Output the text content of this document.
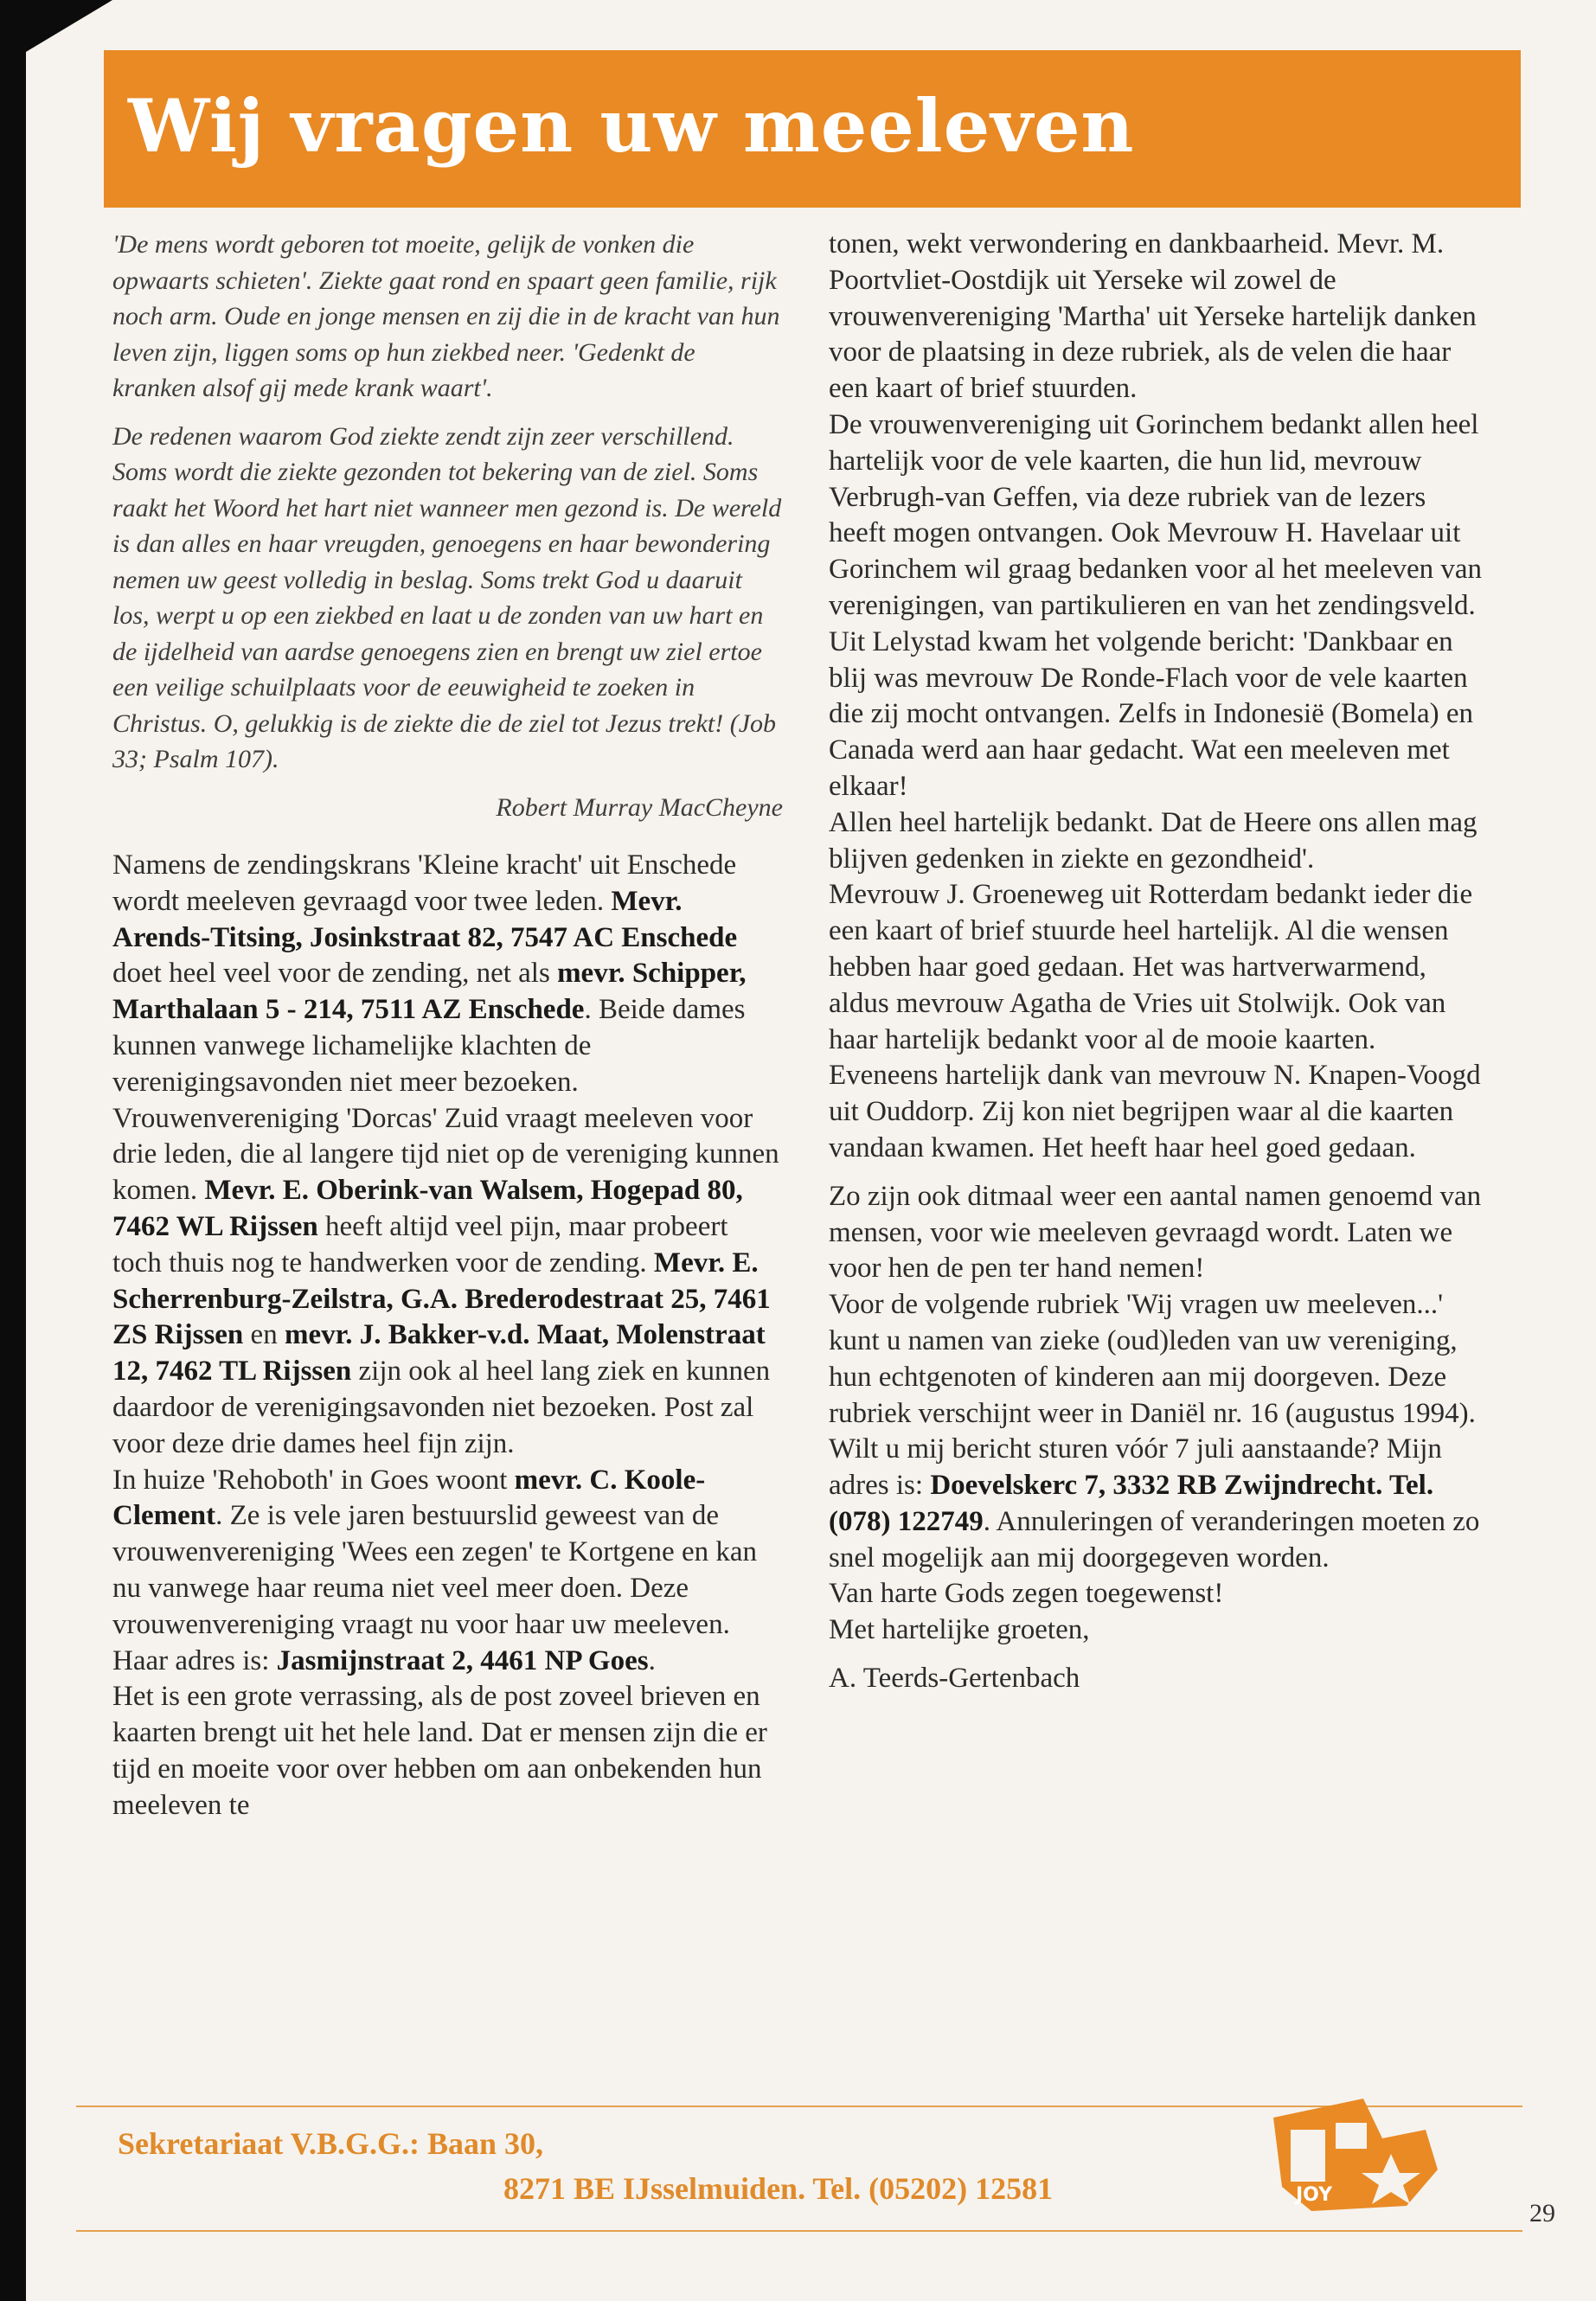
Wij vragen uw meeleven

'De mens wordt geboren tot moeite, gelijk de vonken die opwaarts schieten'. Ziekte gaat rond en spaart geen familie, rijk noch arm. Oude en jonge mensen en zij die in de kracht van hun leven zijn, liggen soms op hun ziekbed neer. 'Gedenkt de kranken alsof gij mede krank waart'.

De redenen waarom God ziekte zendt zijn zeer verschillend. Soms wordt die ziekte gezonden tot bekering van de ziel. Soms raakt het Woord het hart niet wanneer men gezond is. De wereld is dan alles en haar vreugden, genoegens en haar bewondering nemen uw geest volledig in beslag. Soms trekt God u daaruit los, werpt u op een ziekbed en laat u de zonden van uw hart en de ijdelheid van aardse genoegens zien en brengt uw ziel ertoe een veilige schuilplaats voor de eeuwigheid te zoeken in Christus. O, gelukkig is de ziekte die de ziel tot Jezus trekt! (Job 33; Psalm 107).

Robert Murray MacCheyne

Namens de zendingskrans 'Kleine kracht' uit Enschede wordt meeleven gevraagd voor twee leden. Mevr. Arends-Titsing, Josinkstraat 82, 7547 AC Enschede doet heel veel voor de zending, net als mevr. Schipper, Marthalaan 5 - 214, 7511 AZ Enschede. Beide dames kunnen vanwege lichamelijke klachten de verenigingsavonden niet meer bezoeken.

Vrouwenvereniging 'Dorcas' Zuid vraagt meeleven voor drie leden, die al langere tijd niet op de vereniging kunnen komen. Mevr. E. Oberink-van Walsem, Hogepad 80, 7462 WL Rijssen heeft altijd veel pijn, maar probeert toch thuis nog te handwerken voor de zending. Mevr. E. Scherrenburg-Zeilstra, G.A. Brederodestraat 25, 7461 ZS Rijssen en mevr. J. Bakker-v.d. Maat, Molenstraat 12, 7462 TL Rijssen zijn ook al heel lang ziek en kunnen daardoor de verenigingsavonden niet bezoeken. Post zal voor deze drie dames heel fijn zijn.

In huize 'Rehoboth' in Goes woont mevr. C. Koole-Clement. Ze is vele jaren bestuurslid geweest van de vrouwenvereniging 'Wees een zegen' te Kortgene en kan nu vanwege haar reuma niet veel meer doen. Deze vrouwenvereniging vraagt nu voor haar uw meeleven. Haar adres is: Jasmijnstraat 2, 4461 NP Goes.

Het is een grote verrassing, als de post zoveel brieven en kaarten brengt uit het hele land. Dat er mensen zijn die er tijd en moeite voor over hebben om aan onbekenden hun meeleven te

tonen, wekt verwondering en dankbaarheid. Mevr. M. Poortvliet-Oostdijk uit Yerseke wil zowel de vrouwenvereniging 'Martha' uit Yerseke hartelijk danken voor de plaatsing in deze rubriek, als de velen die haar een kaart of brief stuurden.

De vrouwenvereniging uit Gorinchem bedankt allen heel hartelijk voor de vele kaarten, die hun lid, mevrouw Verbrugh-van Geffen, via deze rubriek van de lezers heeft mogen ontvangen. Ook Mevrouw H. Havelaar uit Gorinchem wil graag bedanken voor al het meeleven van verenigingen, van partikulieren en van het zendingsveld.

Uit Lelystad kwam het volgende bericht: 'Dankbaar en blij was mevrouw De Ronde-Flach voor de vele kaarten die zij mocht ontvangen. Zelfs in Indonesië (Bomela) en Canada werd aan haar gedacht. Wat een meeleven met elkaar!

Allen heel hartelijk bedankt. Dat de Heere ons allen mag blijven gedenken in ziekte en gezondheid'.

Mevrouw J. Groeneweg uit Rotterdam bedankt ieder die een kaart of brief stuurde heel hartelijk. Al die wensen hebben haar goed gedaan. Het was hartverwarmend, aldus mevrouw Agatha de Vries uit Stolwijk. Ook van haar hartelijk bedankt voor al de mooie kaarten.

Eveneens hartelijk dank van mevrouw N. Knapen-Voogd uit Ouddorp. Zij kon niet begrijpen waar al die kaarten vandaan kwamen. Het heeft haar heel goed gedaan.

Zo zijn ook ditmaal weer een aantal namen genoemd van mensen, voor wie meeleven gevraagd wordt. Laten we voor hen de pen ter hand nemen!

Voor de volgende rubriek 'Wij vragen uw meeleven...' kunt u namen van zieke (oud)leden van uw vereniging, hun echtgenoten of kinderen aan mij doorgeven. Deze rubriek verschijnt weer in Daniël nr. 16 (augustus 1994). Wilt u mij bericht sturen vóór 7 juli aanstaande? Mijn adres is: Doevelskerc 7, 3332 RB Zwijndrecht. Tel. (078) 122749. Annuleringen of veranderingen moeten zo snel mogelijk aan mij doorgegeven worden.

Van harte Gods zegen toegewenst!

Met hartelijke groeten,

A. Teerds-Gertenbach

Sekretariaat V.B.G.G.: Baan 30,
8271 BE IJsselmuiden. Tel. (05202) 12581	JOY
29
